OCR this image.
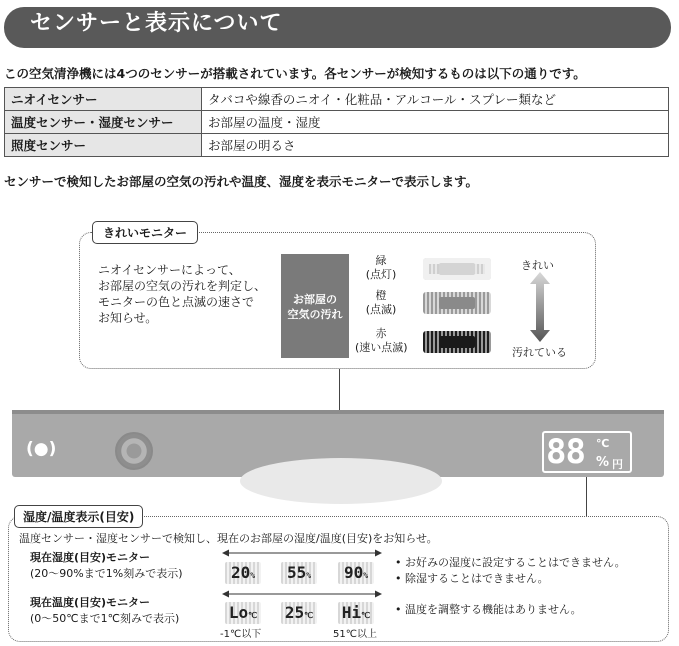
センサーと表示について
この空気清浄機には4つのセンサーが搭載されています。各センサーが検知するものは以下の通りです。
ニオイセンサー	タバコや線香のニオイ・化粧品・アルコール・スプレー類など
温度センサー・湿度センサー	お部屋の温度・湿度
照度センサー	お部屋の明るさ
センサーで検知したお部屋の空気の汚れや温度、湿度を表示モニターで表示します。
きれいモニター
ニオイセンサーによって、
お部屋の空気の汚れを判定し、
モニターの色と点滅の速さで
お知らせ。
お部屋の
空気の汚れ
緑
(点灯)
橙
(点滅)
赤
(速い点滅)
きれい
汚れている
(●)	88 ℃
% 円
湿度/温度表示(目安)
温度センサー・湿度センサーで検知し、現在のお部屋の湿度/温度(目安)をお知らせ。
現在湿度(目安)モニター
(20〜90%まで1%刻みで表示)	20%	55%	90%
現在温度(目安)モニター
(0〜50℃まで1℃刻みで表示)	Lo℃ 25℃ Hi℃
-1℃以下	51℃以上
• お好みの湿度に設定することはできません。
• 除湿することはできません。
• 温度を調整する機能はありません。
